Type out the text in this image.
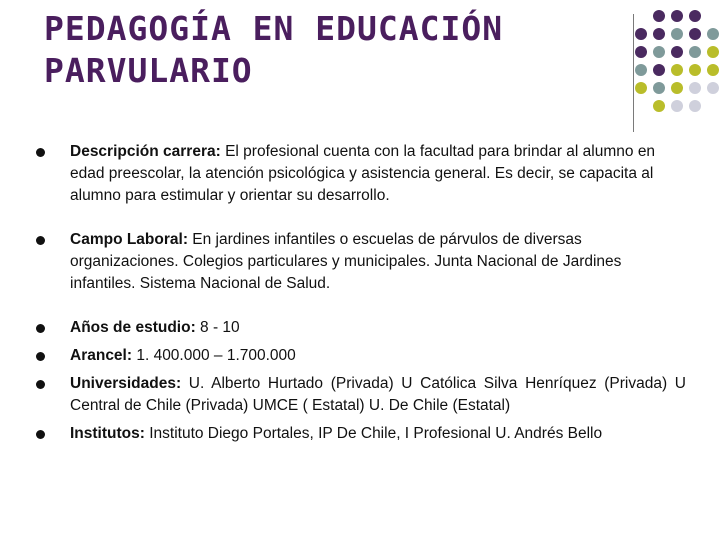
PEDAGOGÍA EN EDUCACIÓN PARVULARIO
Descripción carrera: El profesional cuenta con la facultad para brindar al alumno en edad preescolar, la atención psicológica y asistencia general. Es decir, se capacita al alumno para estimular y orientar su desarrollo.
Campo Laboral: En jardines infantiles o escuelas de párvulos de diversas organizaciones. Colegios particulares y municipales. Junta Nacional de Jardines infantiles. Sistema Nacional de Salud.
Años de estudio: 8 - 10
Arancel: 1. 400.000 – 1.700.000
Universidades: U. Alberto Hurtado (Privada) U Católica Silva Henríquez (Privada) U Central de Chile (Privada) UMCE ( Estatal) U. De Chile (Estatal)
Institutos: Instituto Diego Portales, IP De Chile, I Profesional U. Andrés Bello
